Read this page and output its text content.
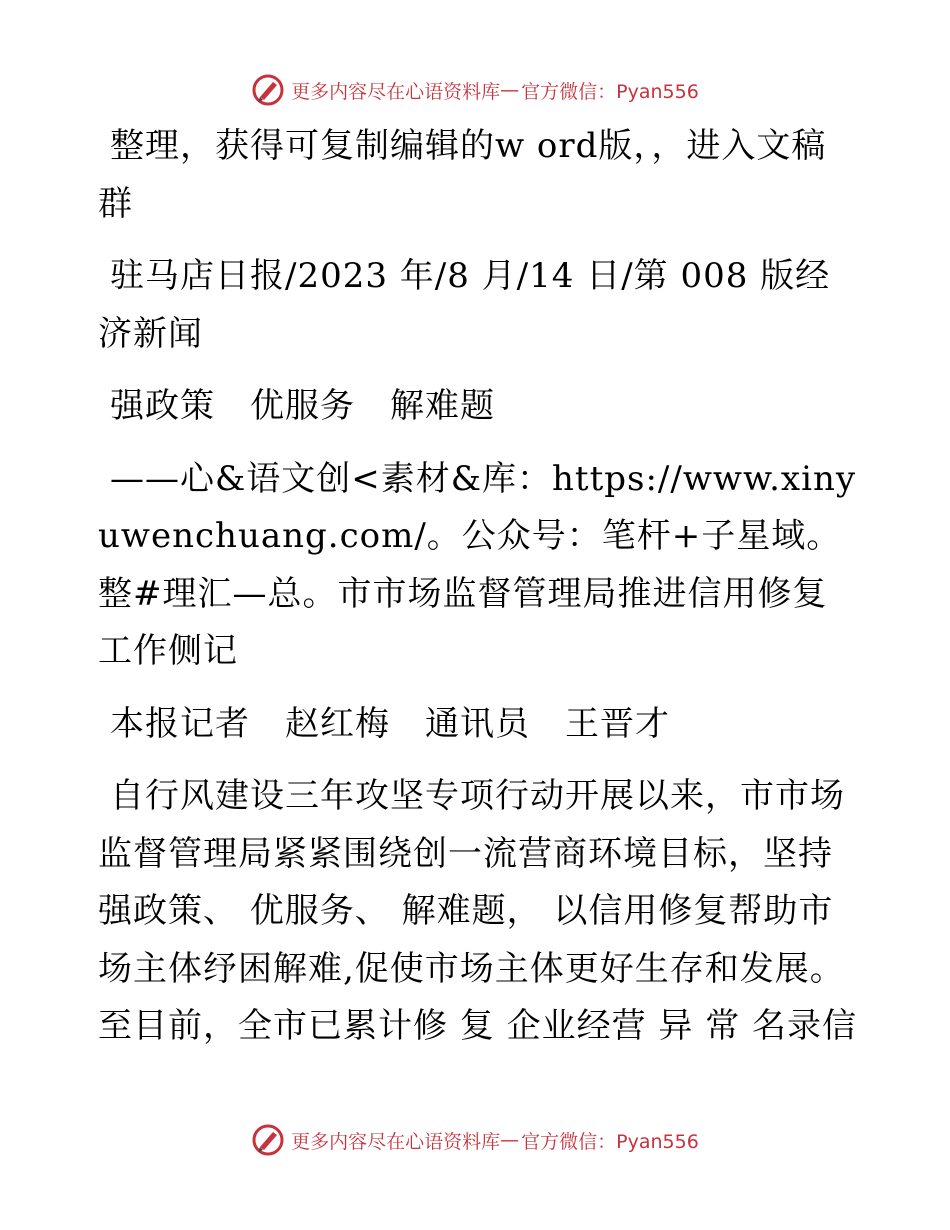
更多内容尽在心语资料库 — 官方微信：Pyan556

整理，获得可复制编辑的w ord版，，进入文稿群

驻马店日报/2023 年/8 月/14 日/第 008 版经济新闻

强政策　优服务　解难题

——心&语文创<素材&库：https://www.xinyuwenchuang.com/。公众号：笔杆+子星域。整#理汇—总。市市场监督管理局推进信用修复工作侧记

本报记者　赵红梅　通讯员　王晋才

自行风建设三年攻坚专项行动开展以来，市市场监督管理局紧紧围绕创一流营商环境目标，坚持强政策、 优服务、 解难题， 以信用修复帮助市场主体纾困解难,促使市场主体更好生存和发展。至目前，全市已累计修 复 企业经营 异 常 名录信

更多内容尽在心语资料库 — 官方微信：Pyan556
